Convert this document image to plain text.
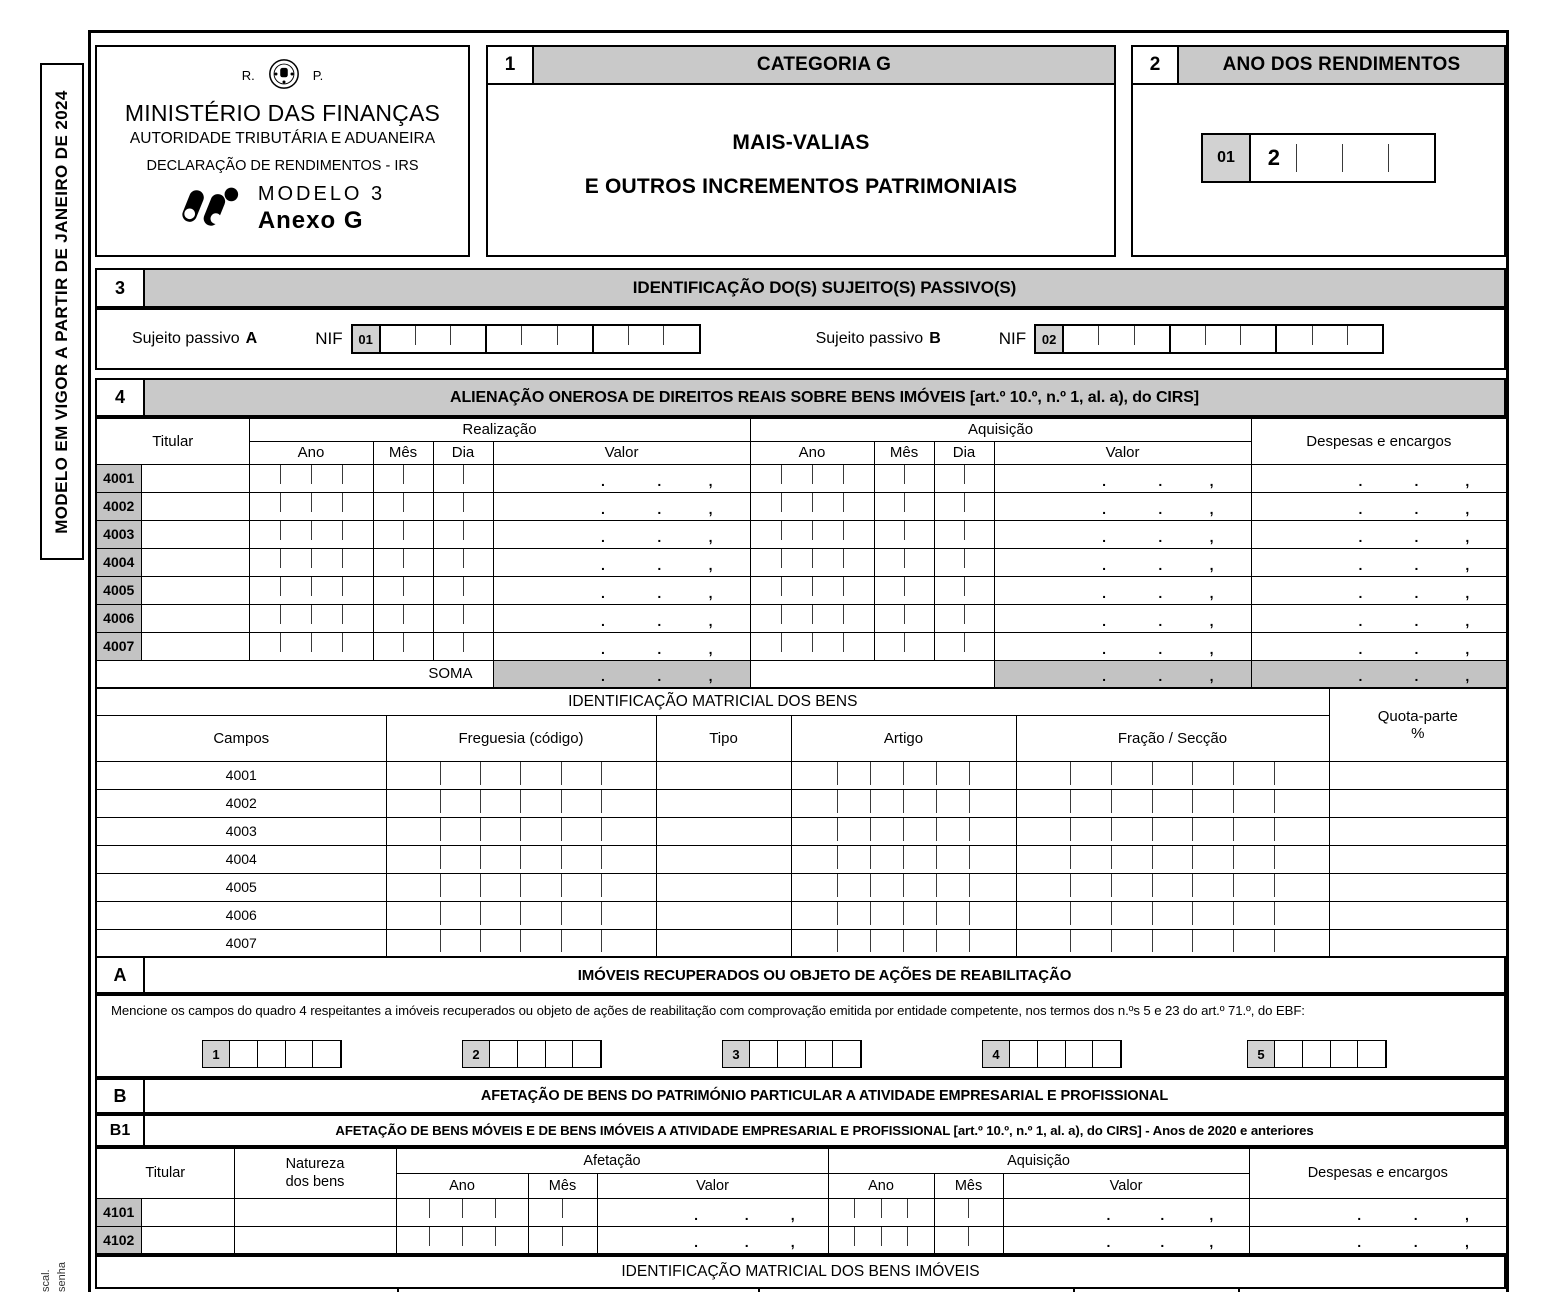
MODELO EM VIGOR A PARTIR DE JANEIRO DE 2024
scal. senha
R.	P.
MINISTÉRIO DAS FINANÇAS
AUTORIDADE TRIBUTÁRIA E ADUANEIRA
DECLARAÇÃO DE RENDIMENTOS - IRS
MODELO 3
Anexo G
1	CATEGORIA G
MAIS-VALIAS
E OUTROS INCREMENTOS PATRIMONIAIS
2	ANO DOS RENDIMENTOS
01	2
3	IDENTIFICAÇÃO DO(S) SUJEITO(S) PASSIVO(S)
Sujeito passivo A	NIF	01	Sujeito passivo B	NIF	02
4	ALIENAÇÃO ONEROSA DE DIREITOS REAIS SOBRE BENS IMÓVEIS [art.º 10.º, n.º 1, al. a), do CIRS]
Titular		Realização				Aquisição				Despesas e encargos
		Ano	Mês	Dia	Valor	Ano	Mês	Dia	Valor	
4001					. . ,				. . ,	. . ,

4002					. . ,				. . ,	. . ,

4003					. . ,				. . ,	. . ,

4004					. . ,				. . ,	. . ,

4005					. . ,				. . ,	. . ,

4006					. . ,				. . ,	. . ,

4007					. . ,				. . ,	. . ,

SOMA					. . ,				. . ,	. . ,
IDENTIFICAÇÃO MATRICIAL DOS BENS					Quota-parte
%

Campos	Freguesia (código)	Tipo	Artigo	Fração / Secção	
4001	

4002	

4003	

4004	

4005	

4006	

4007	

A	IMÓVEIS RECUPERADOS OU OBJETO DE AÇÕES DE REABILITAÇÃO
Mencione os campos do quadro 4 respeitantes a imóveis recuperados ou objeto de ações de reabilitação com comprovação emitida por entidade competente, nos termos dos n.ºs 5 e 23 do art.º 71.º, do EBF:
1	2	3	4	5
B	AFETAÇÃO DE BENS DO PATRIMÓNIO PARTICULAR A ATIVIDADE EMPRESARIAL E PROFISSIONAL
B1	AFETAÇÃO DE BENS MÓVEIS E DE BENS IMÓVEIS A ATIVIDADE EMPRESARIAL E PROFISSIONAL [art.º 10.º, n.º 1, al. a), do CIRS] - Anos de 2020 e anteriores
Titular		Natureza
dos bens	Afetação			Aquisição			Despesas e encargos
			Ano	Mês	Valor	Ano	Mês	Valor	
4101					. . ,			. . ,	. . ,

4102					. . ,			. . ,	. . ,
IDENTIFICAÇÃO MATRICIAL DOS BENS IMÓVEIS
